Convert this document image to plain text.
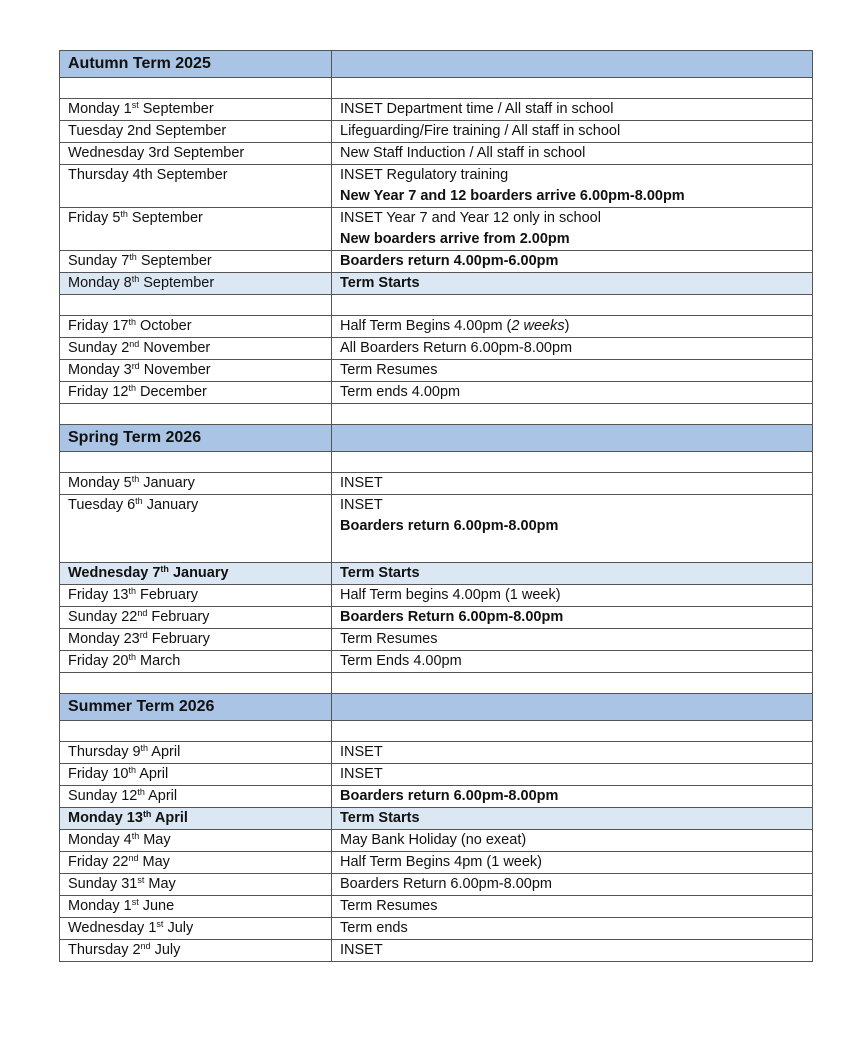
Autumn Term 2025	

Monday 1st September	INSET Department time / All staff in school
Tuesday 2nd September	Lifeguarding/Fire training / All staff in school
Wednesday 3rd September	New Staff Induction / All staff in school
Thursday 4th September	INSET Regulatory training
New Year 7 and 12 boarders arrive 6.00pm-8.00pm

Friday 5th September	INSET Year 7 and Year 12 only in school
New boarders arrive from 2.00pm

Sunday 7th September	Boarders return 4.00pm-6.00pm
Monday 8th September	Term Starts

Friday 17th October	Half Term Begins 4.00pm (2 weeks)
Sunday 2nd November	All Boarders Return 6.00pm-8.00pm
Monday 3rd November	Term Resumes
Friday 12th December	Term ends 4.00pm

Spring Term 2026	

Monday 5th January	INSET
Tuesday 6th January	INSET
Boarders return 6.00pm-8.00pm

Wednesday 7th January	Term Starts
Friday 13th February	Half Term begins 4.00pm (1 week)
Sunday 22nd February	Boarders Return 6.00pm-8.00pm
Monday 23rd February	Term Resumes
Friday 20th March	Term Ends 4.00pm

Summer Term 2026	

Thursday 9th April	INSET
Friday 10th April	INSET
Sunday 12th April	Boarders return 6.00pm-8.00pm
Monday 13th April	Term Starts
Monday 4th May	May Bank Holiday (no exeat)
Friday 22nd May	Half Term Begins 4pm (1 week)
Sunday 31st May	Boarders Return 6.00pm-8.00pm
Monday 1st June	Term Resumes
Wednesday 1st July	Term ends
Thursday 2nd July	INSET
